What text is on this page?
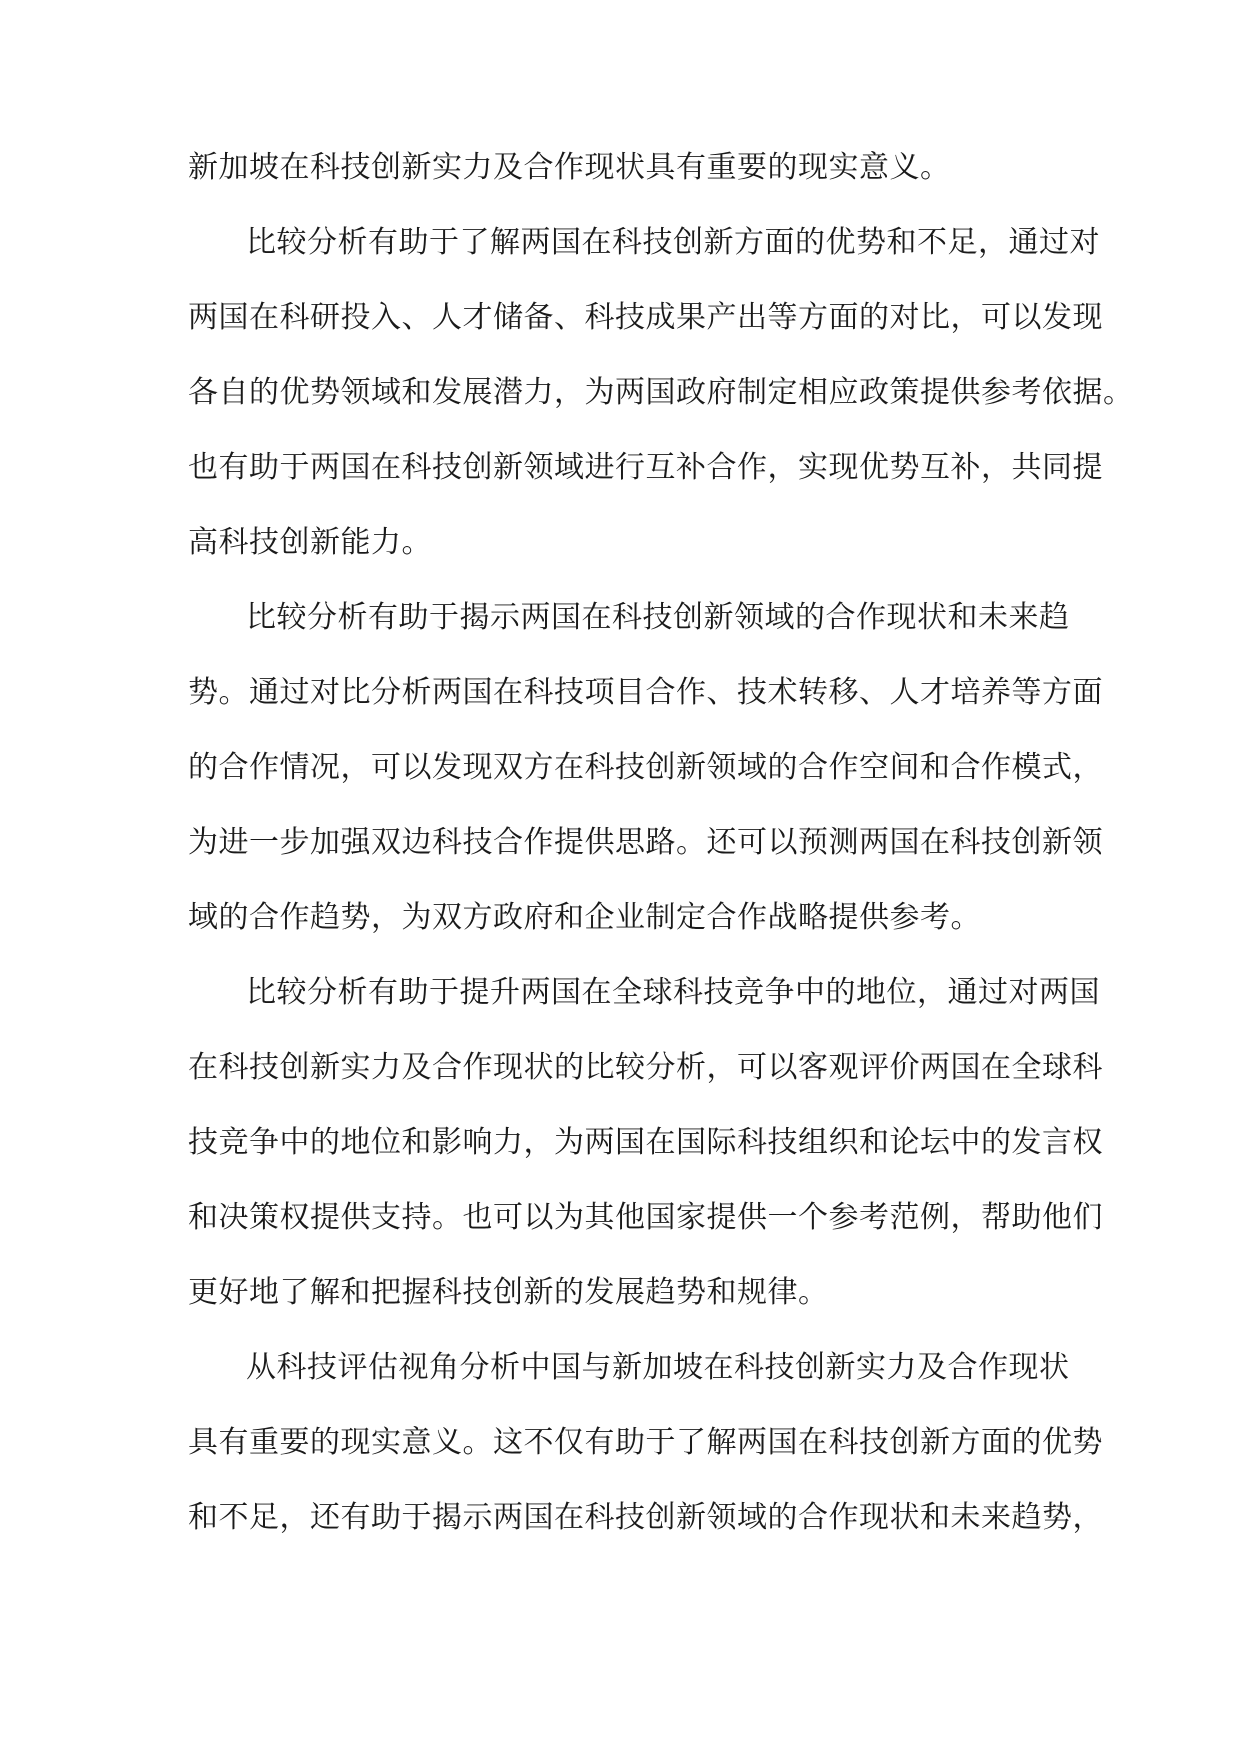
新加坡在科技创新实力及合作现状具有重要的现实意义。
比较分析有助于了解两国在科技创新方面的优势和不足，通过对
两国在科研投入、人才储备、科技成果产出等方面的对比，可以发现
各自的优势领域和发展潜力，为两国政府制定相应政策提供参考依据。
也有助于两国在科技创新领域进行互补合作，实现优势互补，共同提
高科技创新能力。
比较分析有助于揭示两国在科技创新领域的合作现状和未来趋
势。通过对比分析两国在科技项目合作、技术转移、人才培养等方面
的合作情况，可以发现双方在科技创新领域的合作空间和合作模式，
为进一步加强双边科技合作提供思路。还可以预测两国在科技创新领
域的合作趋势，为双方政府和企业制定合作战略提供参考。
比较分析有助于提升两国在全球科技竞争中的地位，通过对两国
在科技创新实力及合作现状的比较分析，可以客观评价两国在全球科
技竞争中的地位和影响力，为两国在国际科技组织和论坛中的发言权
和决策权提供支持。也可以为其他国家提供一个参考范例，帮助他们
更好地了解和把握科技创新的发展趋势和规律。
从科技评估视角分析中国与新加坡在科技创新实力及合作现状
具有重要的现实意义。这不仅有助于了解两国在科技创新方面的优势
和不足，还有助于揭示两国在科技创新领域的合作现状和未来趋势，
